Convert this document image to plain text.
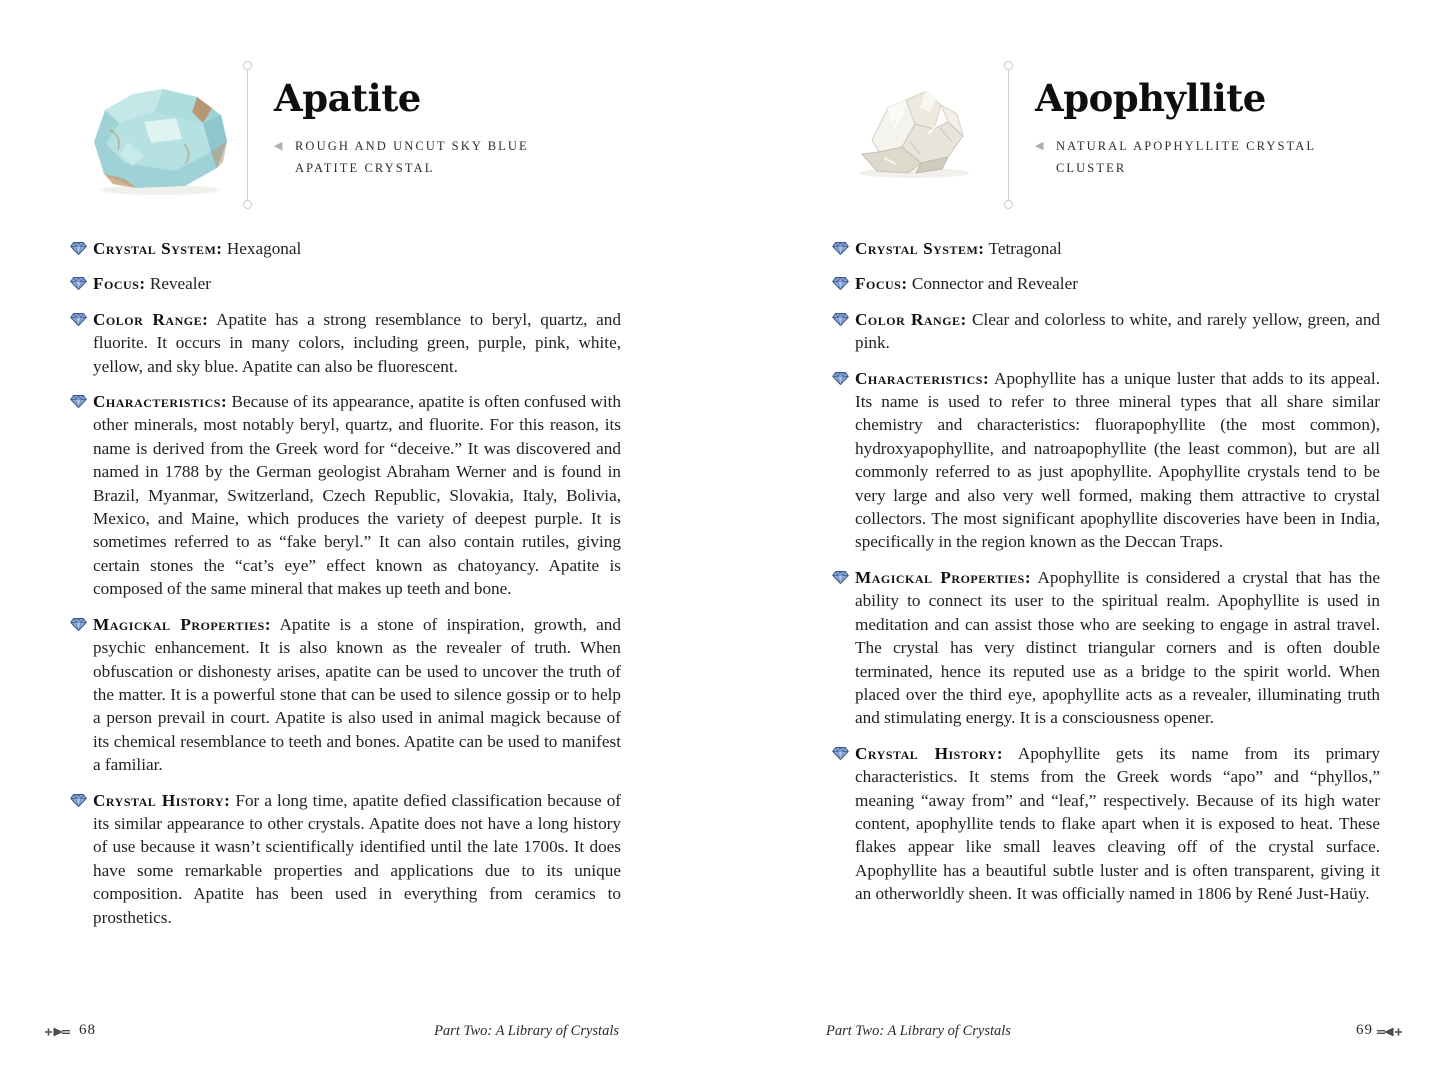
Apatite

◀ ROUGH AND UNCUT SKY BLUE APATITE CRYSTAL

Crystal System: Hexagonal

Focus: Revealer

Color Range: Apatite has a strong resemblance to beryl, quartz, and fluorite. It occurs in many colors, including green, purple, pink, white, yellow, and sky blue. Apatite can also be fluorescent.

Characteristics: Because of its appearance, apatite is often confused with other minerals, most notably beryl, quartz, and fluorite. For this reason, its name is derived from the Greek word for “deceive.” It was discovered and named in 1788 by the German geologist Abraham Werner and is found in Brazil, Myanmar, Switzerland, Czech Republic, Slovakia, Italy, Bolivia, Mexico, and Maine, which produces the variety of deepest purple. It is sometimes referred to as “fake beryl.” It can also contain rutiles, giving certain stones the “cat’s eye” effect known as chatoyancy. Apatite is composed of the same mineral that makes up teeth and bone.

Magickal Properties: Apatite is a stone of inspiration, growth, and psychic enhancement. It is also known as the revealer of truth. When obfuscation or dishonesty arises, apatite can be used to uncover the truth of the matter. It is a powerful stone that can be used to silence gossip or to help a person prevail in court. Apatite is also used in animal magick because of its chemical resemblance to teeth and bones. Apatite can be used to manifest a familiar.

Crystal History: For a long time, apatite defied classification because of its similar appearance to other crystals. Apatite does not have a long history of use because it wasn’t scientifically identified until the late 1700s. It does have some remarkable properties and applications due to its unique composition. Apatite has been used in everything from ceramics to prosthetics.

68	Part Two: A Library of Crystals
Apophyllite

◀ NATURAL APOPHYLLITE CRYSTAL CLUSTER

Crystal System: Tetragonal

Focus: Connector and Revealer

Color Range: Clear and colorless to white, and rarely yellow, green, and pink.

Characteristics: Apophyllite has a unique luster that adds to its appeal. Its name is used to refer to three mineral types that all share similar chemistry and characteristics: fluorapophyllite (the most common), hydroxyapophyllite, and natroapophyllite (the least common), but are all commonly referred to as just apophyllite. Apophyllite crystals tend to be very large and also very well formed, making them attractive to crystal collectors. The most significant apophyllite discoveries have been in India, specifically in the region known as the Deccan Traps.

Magickal Properties: Apophyllite is considered a crystal that has the ability to connect its user to the spiritual realm. Apophyllite is used in meditation and can assist those who are seeking to engage in astral travel. The crystal has very distinct triangular corners and is often double terminated, hence its reputed use as a bridge to the spirit world. When placed over the third eye, apophyllite acts as a revealer, illuminating truth and stimulating energy. It is a consciousness opener.

Crystal History: Apophyllite gets its name from its primary characteristics. It stems from the Greek words “apo” and “phyllos,” meaning “away from” and “leaf,” respectively. Because of its high water content, apophyllite tends to flake apart when it is exposed to heat. These flakes appear like small leaves cleaving off of the crystal surface. Apophyllite has a beautiful subtle luster and is often transparent, giving it an otherworldly sheen. It was officially named in 1806 by René Just-Haüy.

Part Two: A Library of Crystals	69
